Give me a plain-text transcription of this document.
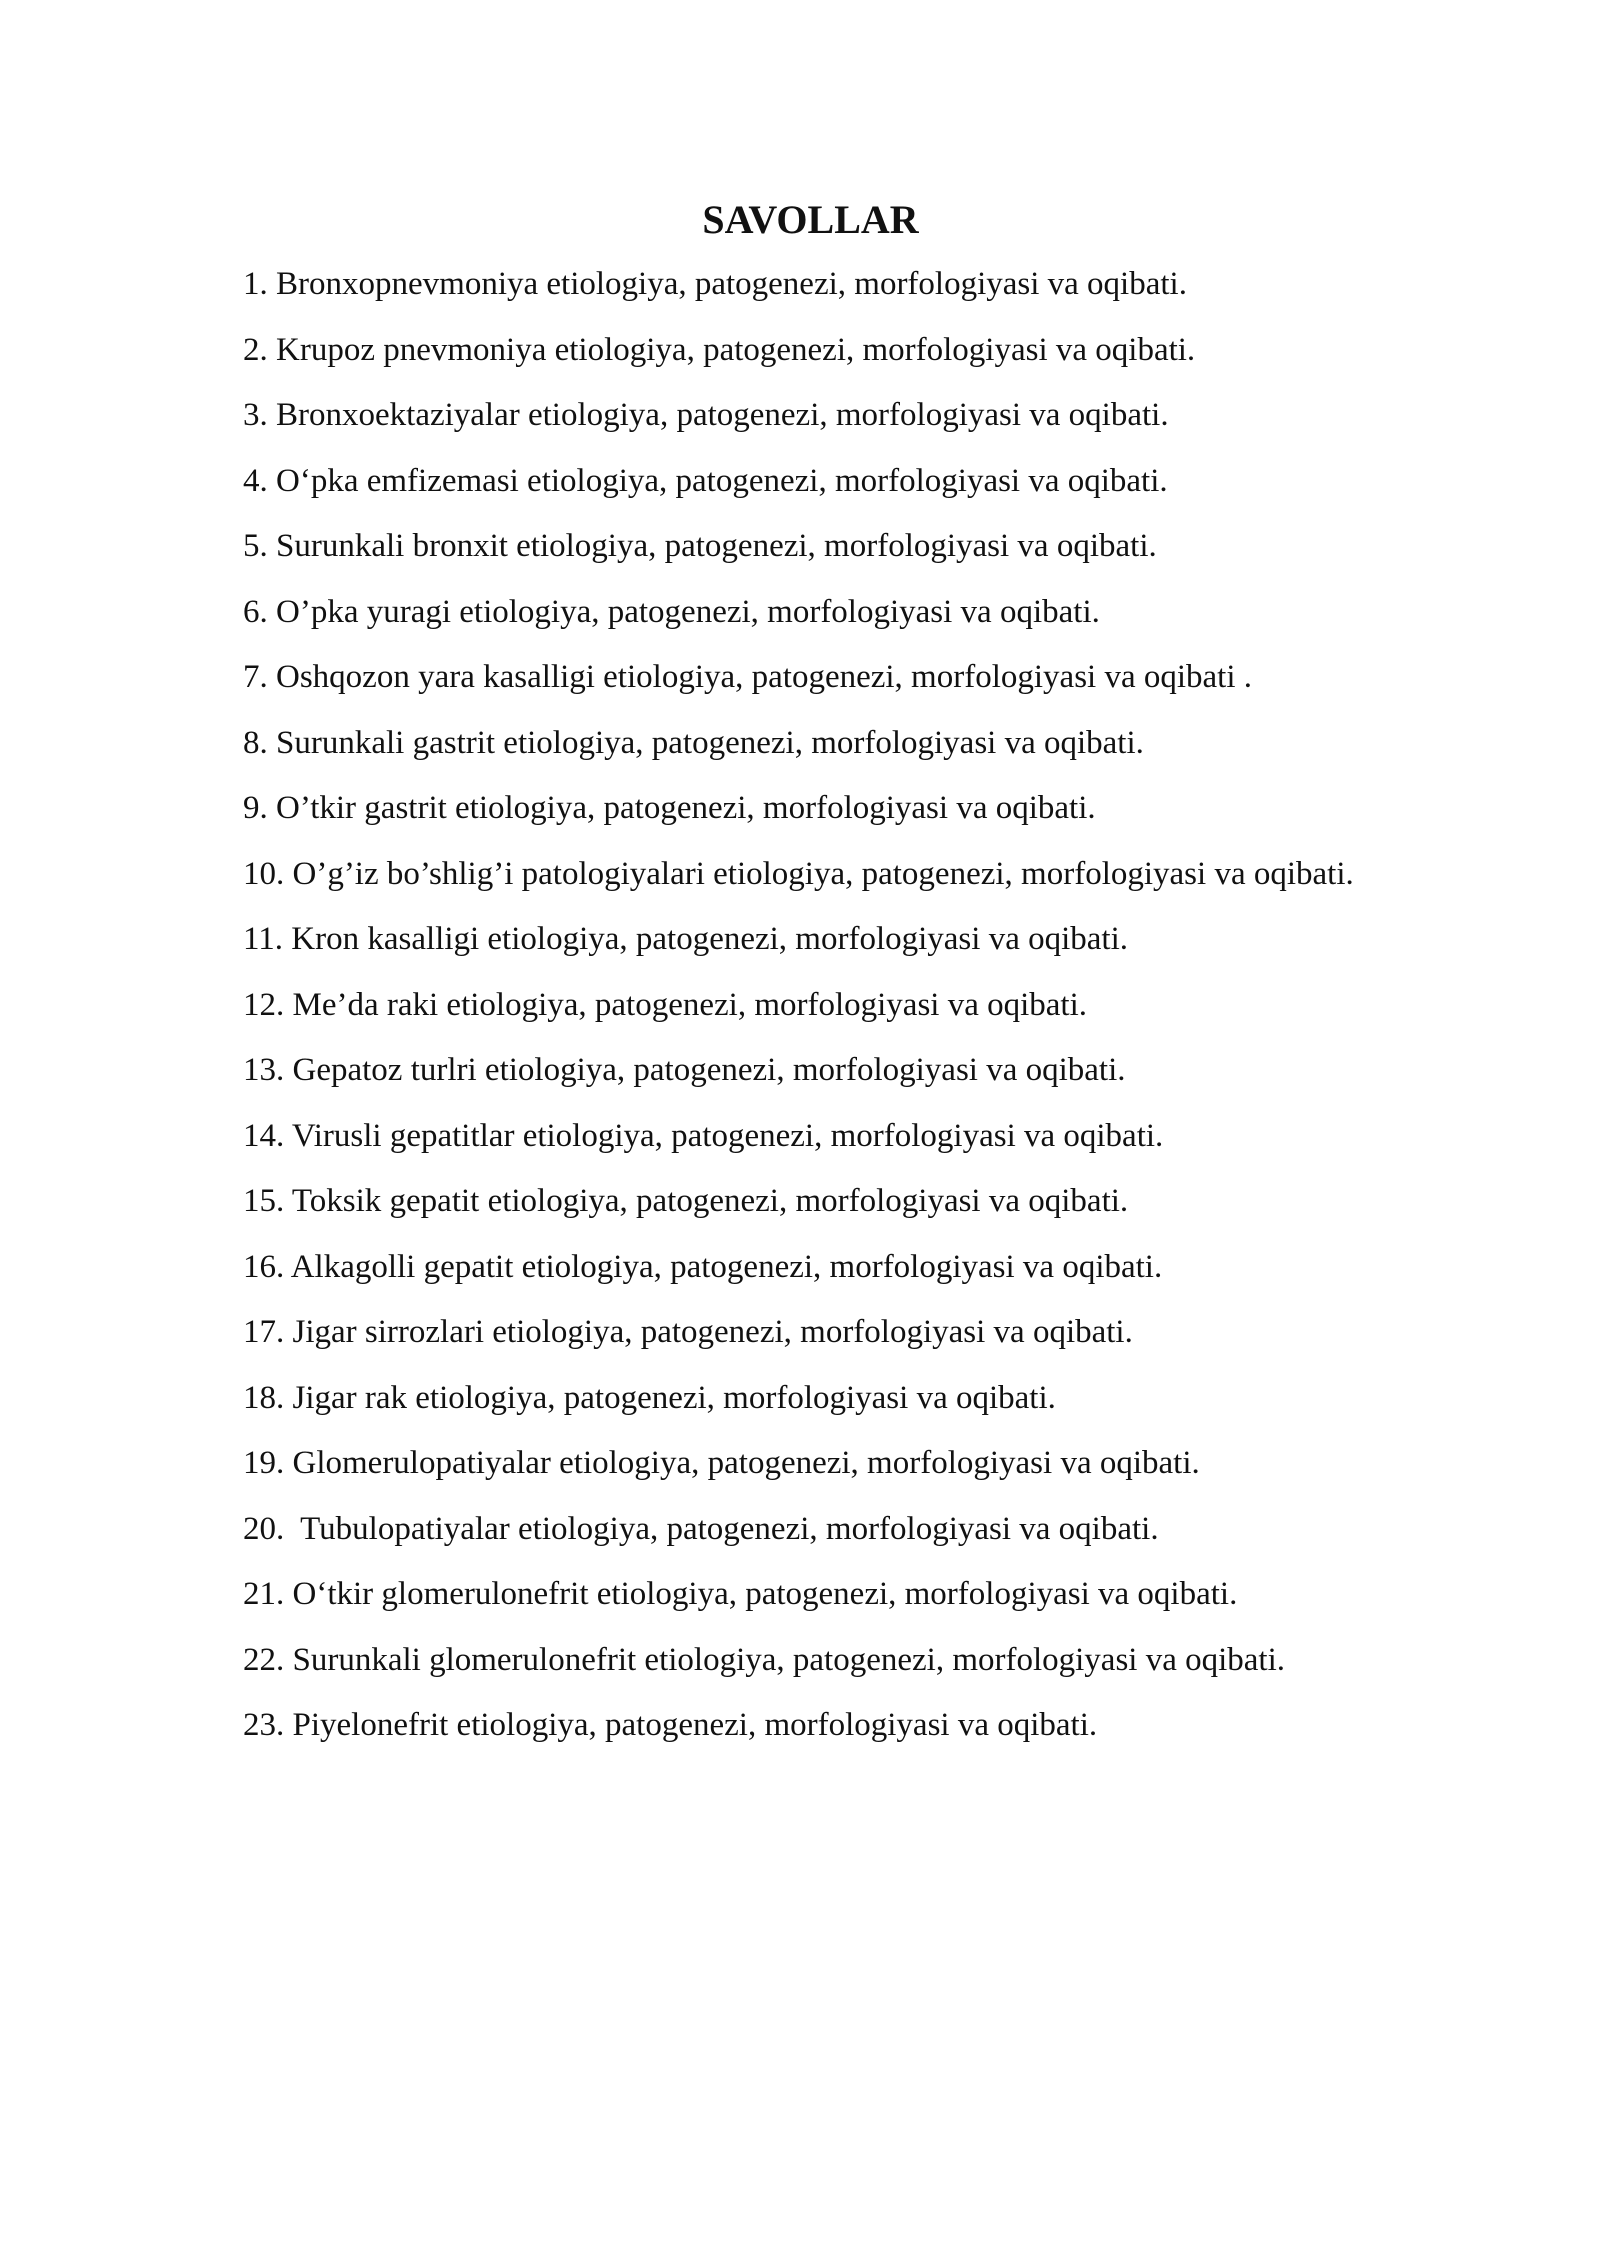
SAVOLLAR
1. Bronxopnevmoniya etiologiya, patogenezi, morfologiyasi va oqibati.
2. Krupoz pnevmoniya etiologiya, patogenezi, morfologiyasi va oqibati.
3. Bronxoektaziyalar etiologiya, patogenezi, morfologiyasi va oqibati.
4. O‘pka emfizemasi etiologiya, patogenezi, morfologiyasi va oqibati.
5. Surunkali bronxit etiologiya, patogenezi, morfologiyasi va oqibati.
6. O’pka yuragi etiologiya, patogenezi, morfologiyasi va oqibati.
7. Oshqozon yara kasalligi etiologiya, patogenezi, morfologiyasi va oqibati .
8. Surunkali gastrit etiologiya, patogenezi, morfologiyasi va oqibati.
9. O’tkir gastrit etiologiya, patogenezi, morfologiyasi va oqibati.
10. O’g’iz bo’shlig’i patologiyalari etiologiya, patogenezi, morfologiyasi va oqibati.
11. Kron kasalligi etiologiya, patogenezi, morfologiyasi va oqibati.
12. Me’da raki etiologiya, patogenezi, morfologiyasi va oqibati.
13. Gepatoz turlri etiologiya, patogenezi, morfologiyasi va oqibati.
14. Virusli gepatitlar etiologiya, patogenezi, morfologiyasi va oqibati.
15. Toksik gepatit etiologiya, patogenezi, morfologiyasi va oqibati.
16. Alkagolli gepatit etiologiya, patogenezi, morfologiyasi va oqibati.
17. Jigar sirrozlari etiologiya, patogenezi, morfologiyasi va oqibati.
18. Jigar rak etiologiya, patogenezi, morfologiyasi va oqibati.
19. Glomerulopatiyalar etiologiya, patogenezi, morfologiyasi va oqibati.
20.  Tubulopatiyalar etiologiya, patogenezi, morfologiyasi va oqibati.
21. O‘tkir glomerulonefrit etiologiya, patogenezi, morfologiyasi va oqibati.
22. Surunkali glomerulonefrit etiologiya, patogenezi, morfologiyasi va oqibati.
23. Piyelonefrit etiologiya, patogenezi, morfologiyasi va oqibati.
